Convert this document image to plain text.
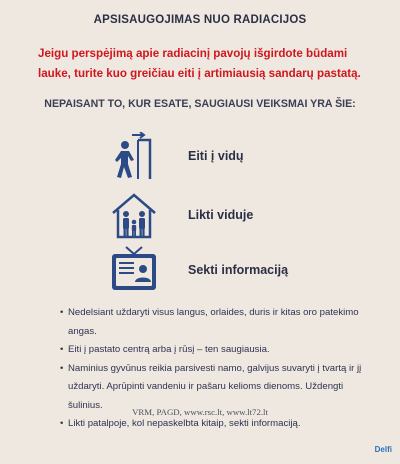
APSISAUGOJIMAS NUO RADIACIJOS
Jeigu perspėjimą apie radiacinį pavojų išgirdote būdami lauke, turite kuo greičiau eiti į artimiausią sandarų pastatą.
NEPAISANT TO, KUR ESATE, SAUGIAUSI VEIKSMAI YRA ŠIE:
Eiti į vidų
Likti viduje
Sekti informaciją
• Nedelsiant uždaryti visus langus, orlaides, duris ir kitas oro patekimo angas.
• Eiti į pastato centrą arba į rūsį – ten saugiausia.
• Naminius gyvūnus reikia parsivesti namo, galvijus suvaryti į tvartą ir jį uždaryti. Aprūpinti vandeniu ir pašaru kelioms dienoms. Uždengti šulinius.
• Likti patalpoje, kol nepaskelbta kitaip, sekti informaciją.
VRM, PAGD, www.rsc.lt, www.lt72.lt
Delfi
